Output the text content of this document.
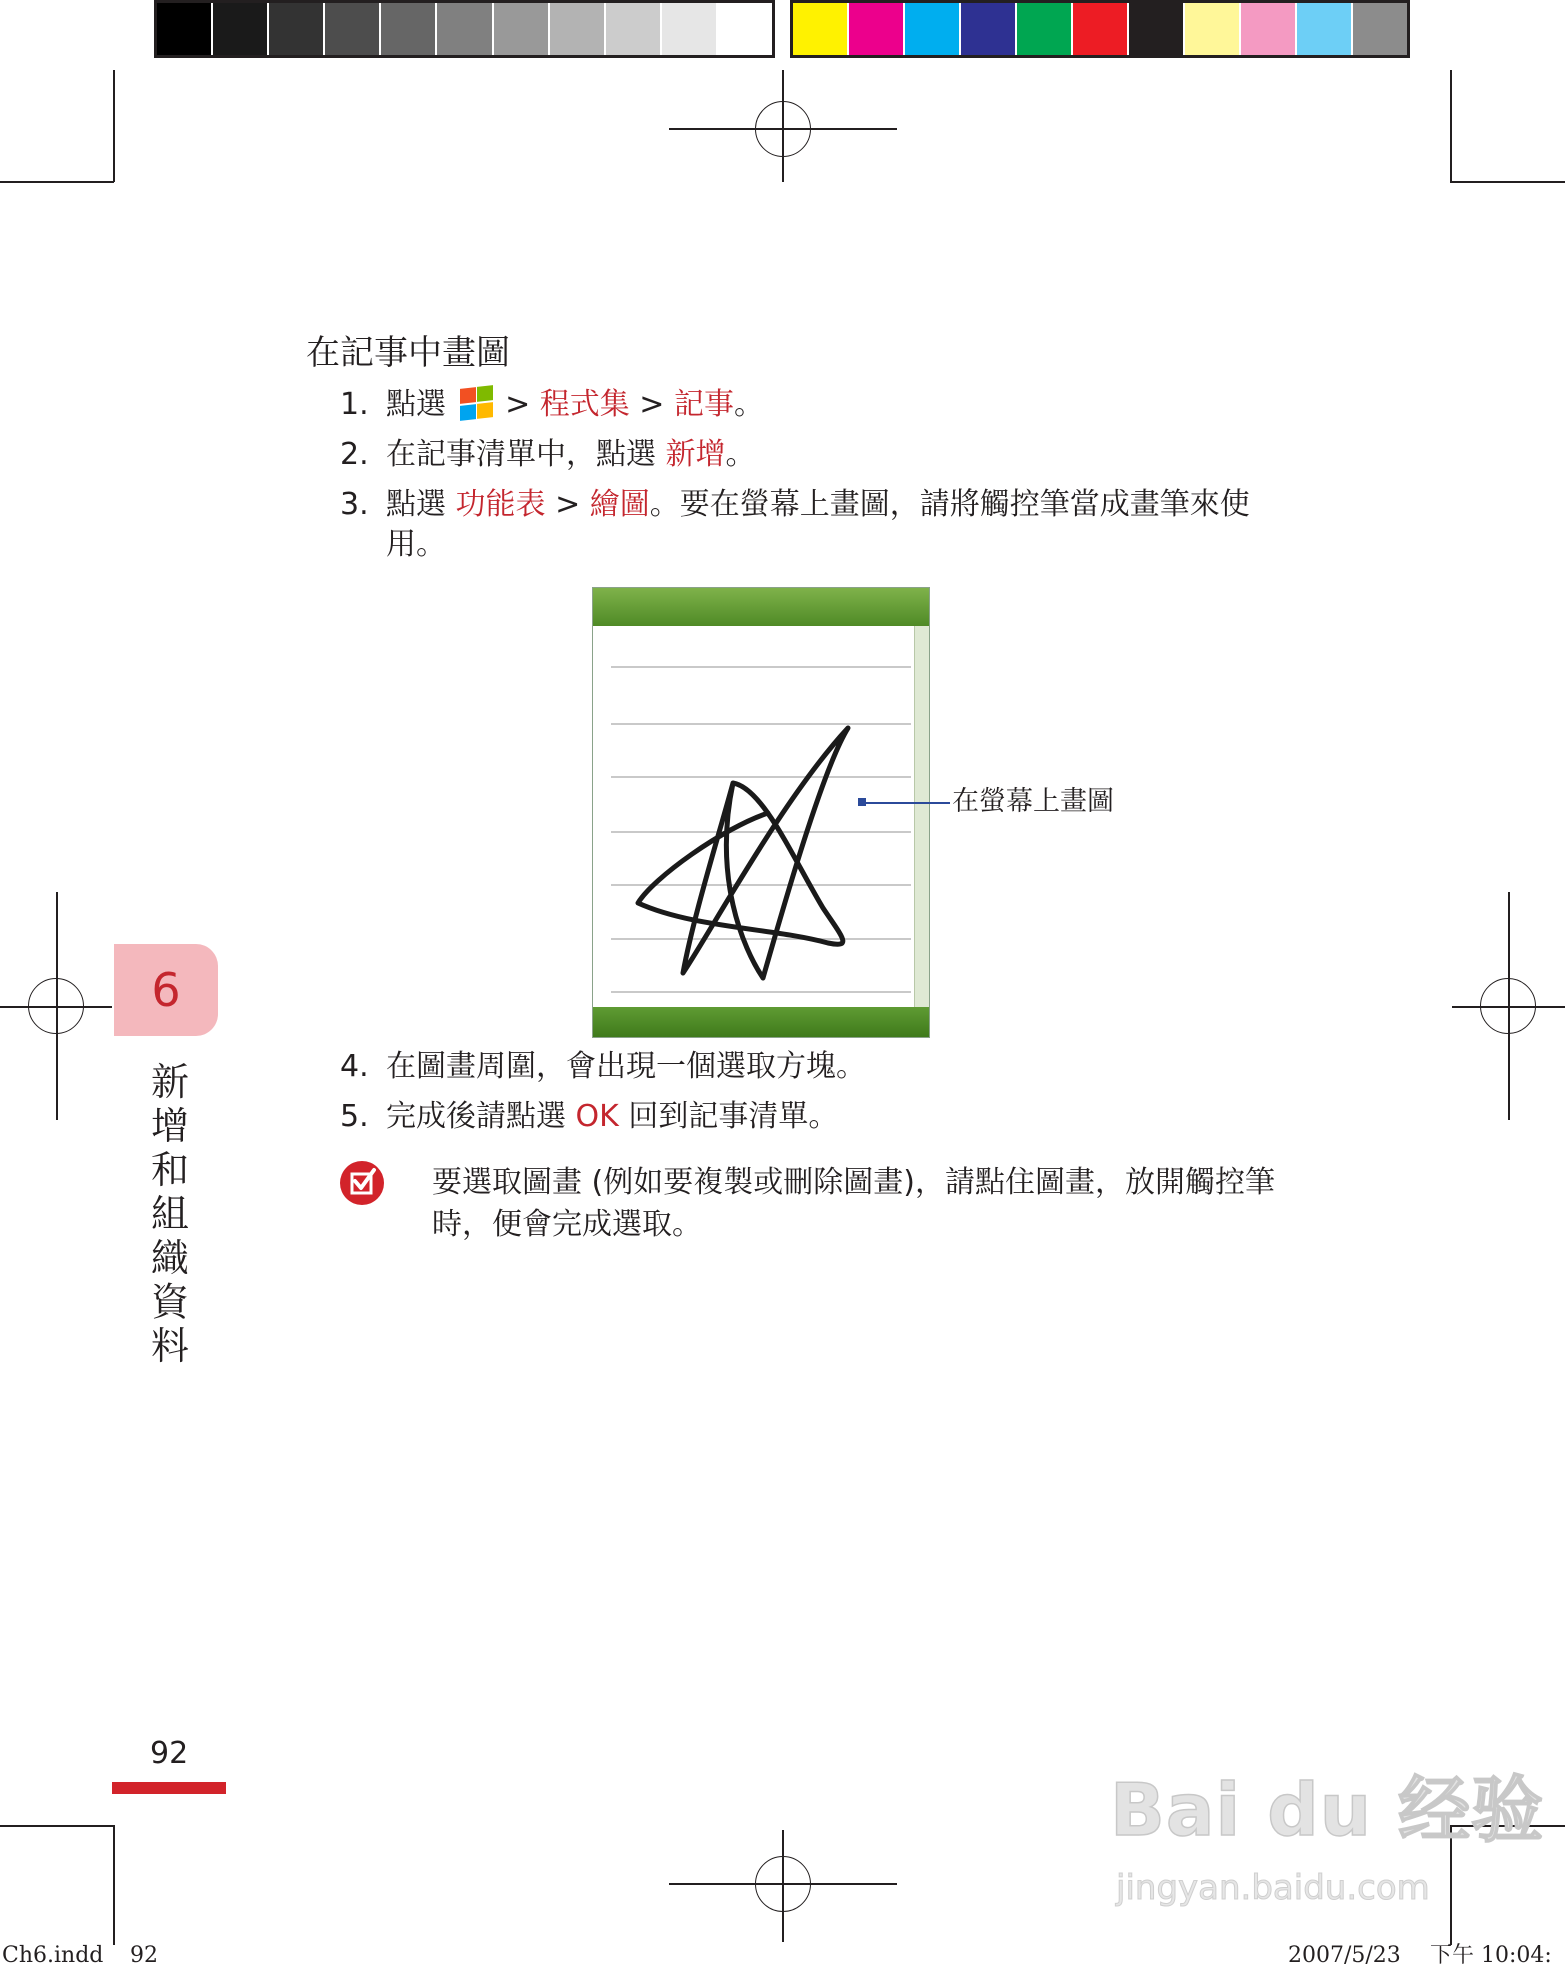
在記事中畫圖
1. 點選
> 程式集 > 記事。
2. 在記事清單中，點選 新增。
3. 點選 功能表 > 繪圖。要在螢幕上畫圖，請將觸控筆當成畫筆來使
用。
在螢幕上畫圖
4. 在圖畫周圍，會出現一個選取方塊。
5. 完成後請點選 OK 回到記事清單。
要選取圖畫 (例如要複製或刪除圖畫)，請點住圖畫，放開觸控筆
時，便會完成選取。
6
新增和組織資料
92
Bai du 经验
jingyan.baidu.com
Ch6.indd 92	2007/5/23 下午 10:04:
